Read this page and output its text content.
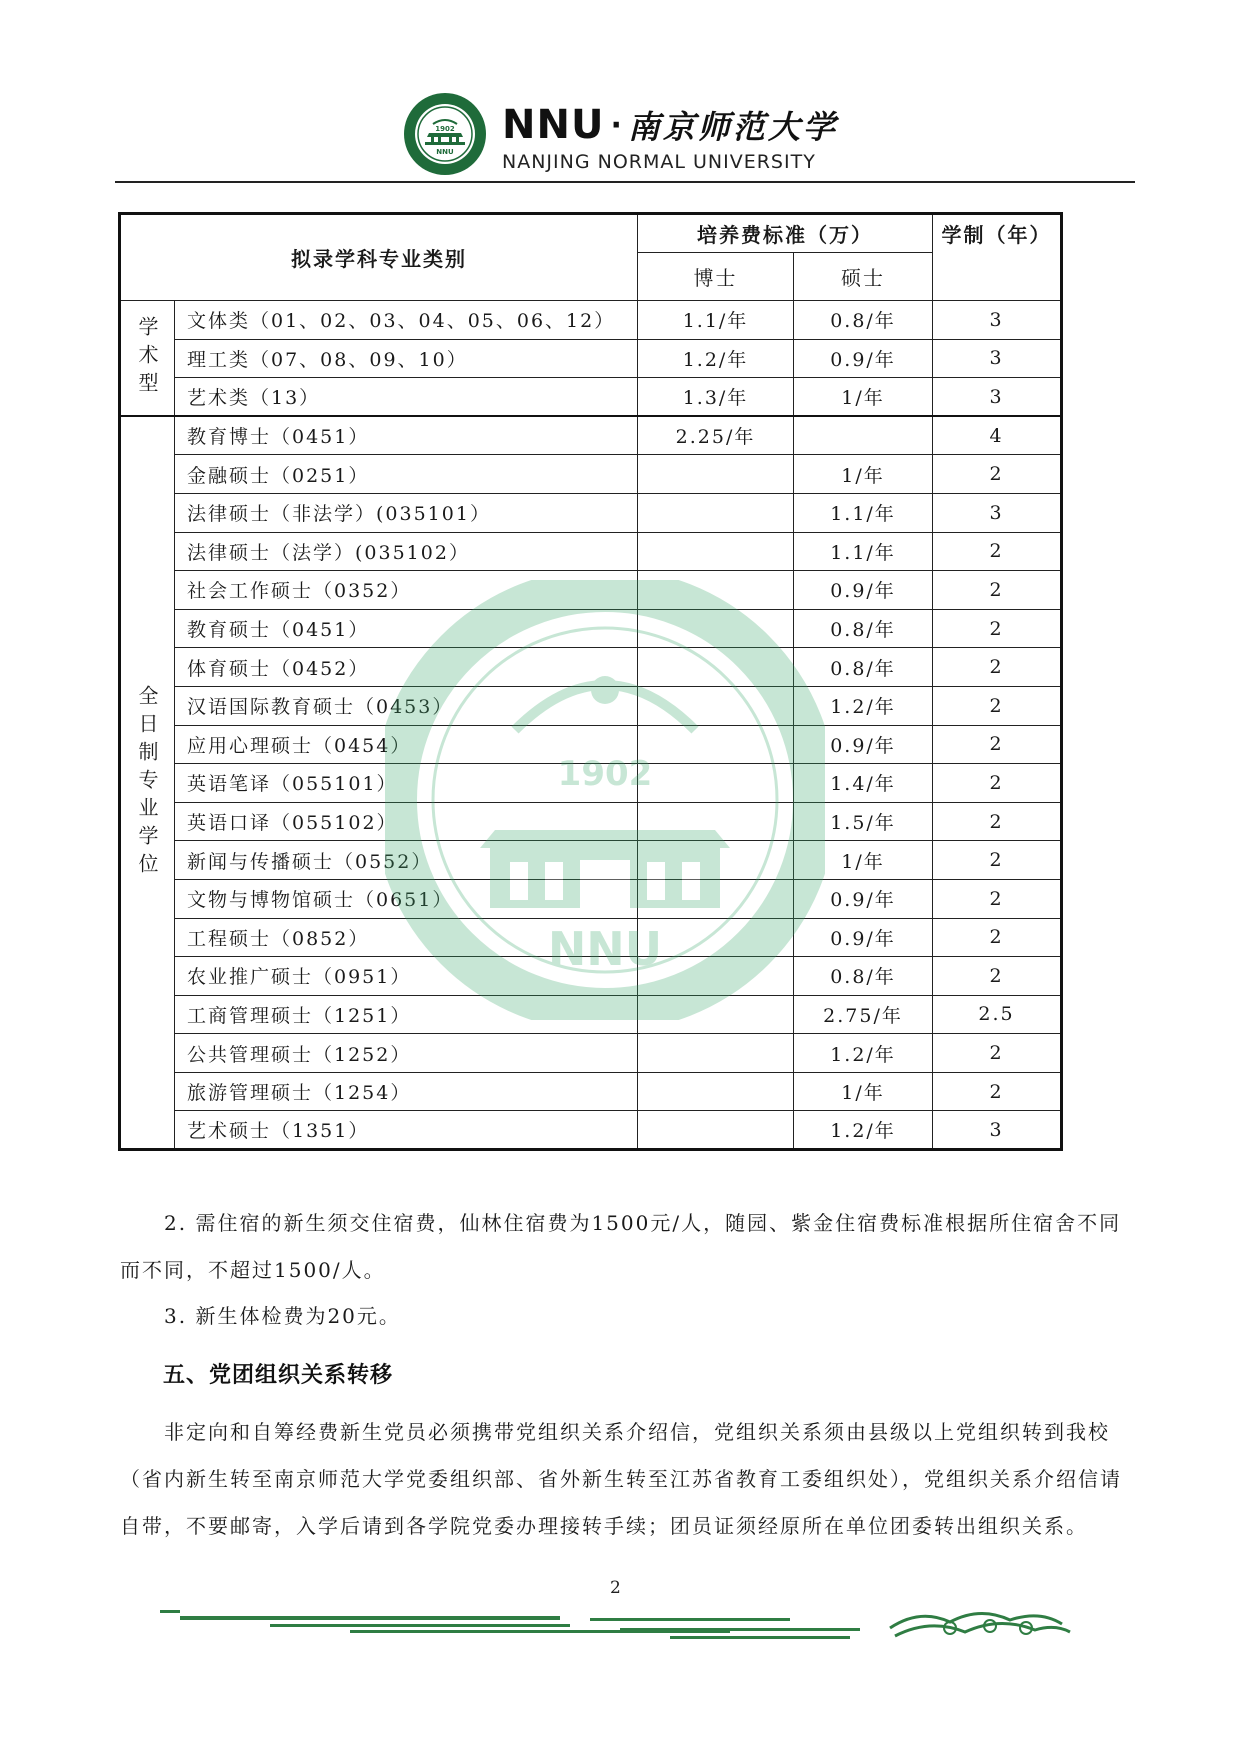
1902
NNU
NNU · 南京师范大学
NANJING NORMAL UNIVERSITY
1902
NNU
拟录学科专业类别		培养费标准（万）		学制（年）
		博士	硕士	
学术型	文体类（01、02、03、04、05、06、12）	1.1/年	0.8/年	3
	理工类（07、08、09、10）	1.2/年	0.9/年	3
	艺术类（13）	1.3/年	1/年	3
全日制专业学位	教育博士（0451）	2.25/年		4
	金融硕士（0251）		1/年	2
	法律硕士（非法学）(035101）		1.1/年	3
	法律硕士（法学）(035102）		1.1/年	2
	社会工作硕士（0352）		0.9/年	2
	教育硕士（0451）		0.8/年	2
	体育硕士（0452）		0.8/年	2
	汉语国际教育硕士（0453）		1.2/年	2
	应用心理硕士（0454）		0.9/年	2
	英语笔译（055101）		1.4/年	2
	英语口译（055102）		1.5/年	2
	新闻与传播硕士（0552）		1/年	2
	文物与博物馆硕士（0651）		0.9/年	2
	工程硕士（0852）		0.9/年	2
	农业推广硕士（0951）		0.8/年	2
	工商管理硕士（1251）		2.75/年	2.5
	公共管理硕士（1252）		1.2/年	2
	旅游管理硕士（1254）		1/年	2
	艺术硕士（1351）		1.2/年	3
2. 需住宿的新生须交住宿费，仙林住宿费为1500元/人，随园、紫金住宿费标准根据所住宿舍不同而不同，不超过1500/人。
3. 新生体检费为20元。
五、党团组织关系转移
非定向和自筹经费新生党员必须携带党组织关系介绍信，党组织关系须由县级以上党组织转到我校（省内新生转至南京师范大学党委组织部、省外新生转至江苏省教育工委组织处），党组织关系介绍信请自带，不要邮寄，入学后请到各学院党委办理接转手续；团员证须经原所在单位团委转出组织关系。
2
